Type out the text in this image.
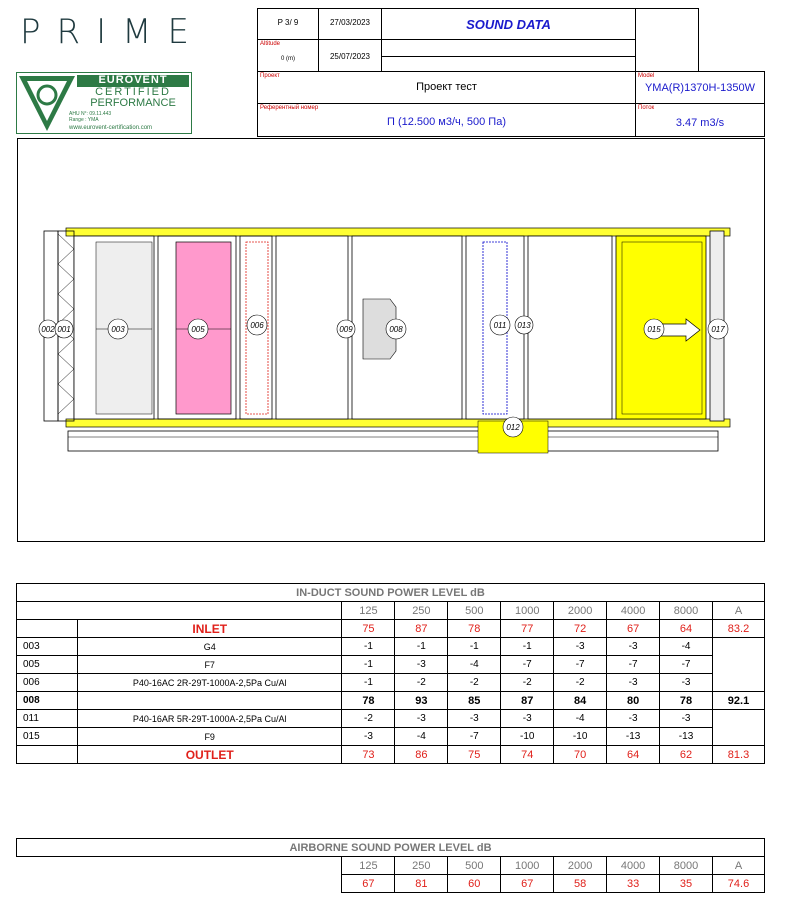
PRIME	P 3/ 9	27/03/2023	SOUND DATA
Altitude
0 (m)	25/07/2023
Проект
Проект тест
Model
YMA(R)1370H-1350W
Референтный номер
П (12.500 м3/ч, 500 Па)
Поток
3.47 m3/s
EUROVENT
CERTIFIED
PERFORMANCE
AHU N°: 09.11.443
Range : YMA
www.eurovent-certification.com
002 001	003	005	006	009	008	011 013	015	017
012
IN-DUCT SOUND POWER LEVEL dB									
		125	250	500	1000	2000	4000	8000	A
	INLET	75	87	78	77	72	67	64	83.2
003	G4	-1	-1	-1	-1	-3	-3	-4	
005	F7	-1	-3	-4	-7	-7	-7	-7	
006	P40-16AC 2R-29T-1000A-2,5Pa Cu/Al	-1	-2	-2	-2	-2	-3	-3	
008		78	93	85	87	84	80	78	92.1
011	P40-16AR 5R-29T-1000A-2,5Pa Cu/Al	-2	-3	-3	-3	-4	-3	-3	
015	F9	-3	-4	-7	-10	-10	-13	-13	
	OUTLET	73	86	75	74	70	64	62	81.3
AIRBORNE SOUND POWER LEVEL dB								
	125	250	500	1000	2000	4000	8000	A
	67	81	60	67	58	33	35	74.6
